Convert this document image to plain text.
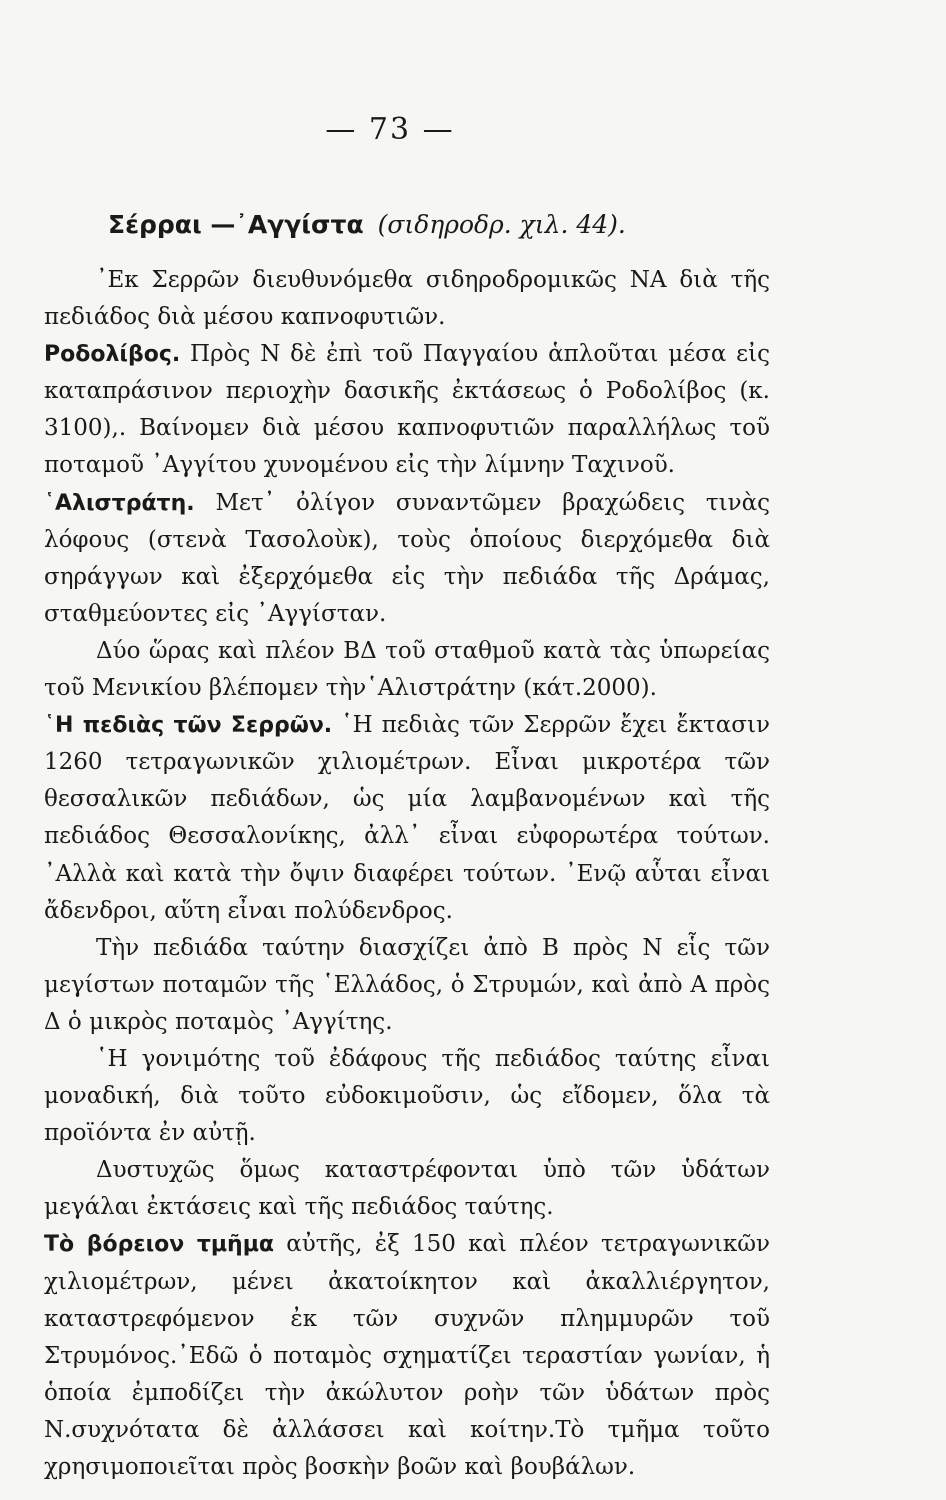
— 73 —
Σέρραι —᾽Αγγίστα (σιδηροδρ. χιλ. 44).

᾽Εκ Σερρῶν διευθυνόμεθα σιδηροδρομικῶς ΝΑ διὰ τῆς πεδιάδος διὰ μέσου καπνοφυτιῶν.

Ροδολίβος. Πρὸς Ν δὲ ἐπὶ τοῦ Παγγαίου ἁπλοῦται μέσα εἰς καταπράσινον περιοχὴν δασικῆς ἐκτάσεως ὁ Ροδολίβος (κ. 3100),. Βαίνομεν διὰ μέσου καπνοφυτιῶν παραλλήλως τοῦ ποταμοῦ ᾽Αγγίτου χυνομένου εἰς τὴν λίμνην Ταχινοῦ.

῾Αλιστράτη. Μετ᾽ ὀλίγον συναντῶμεν βραχώδεις τινὰς λόφους (στενὰ Τασολοὺκ), τοὺς ὁποίους διερχόμεθα διὰ σηράγγων καὶ ἐξερχόμεθα εἰς τὴν πεδιάδα τῆς Δράμας, σταθμεύοντες εἰς ᾽Αγγίσταν.

Δύο ὥρας καὶ πλέον ΒΔ τοῦ σταθμοῦ κατὰ τὰς ὑπωρείας τοῦ Μενικίου βλέπομεν τὴν῾Αλιστράτην (κάτ.2000).

῾Η πεδιὰς τῶν Σερρῶν. ῾Η πεδιὰς τῶν Σερρῶν ἔχει ἔκτασιν 1260 τετραγωνικῶν χιλιομέτρων. Εἶναι μικροτέρα τῶν θεσσαλικῶν πεδιάδων, ὡς μία λαμβανομένων καὶ τῆς πεδιάδος Θεσσαλονίκης, ἀλλ᾽ εἶναι εὐφορωτέρα τούτων. ᾽Αλλὰ καὶ κατὰ τὴν ὄψιν διαφέρει τούτων. ᾽Ενῷ αὗται εἶναι ἄδενδροι, αὕτη εἶναι πολύδενδρος.

Τὴν πεδιάδα ταύτην διασχίζει ἀπὸ Β πρὸς Ν εἷς τῶν μεγίστων ποταμῶν τῆς ῾Ελλάδος, ὁ Στρυμών, καὶ ἀπὸ Α πρὸς Δ ὁ μικρὸς ποταμὸς ᾽Αγγίτης.

῾Η γονιμότης τοῦ ἐδάφους τῆς πεδιάδος ταύτης εἶναι μοναδική, διὰ τοῦτο εὐδοκιμοῦσιν, ὡς εἴδομεν, ὅλα τὰ προϊόντα ἐν αὐτῇ.

Δυστυχῶς ὅμως καταστρέφονται ὑπὸ τῶν ὑδάτων μεγάλαι ἐκτάσεις καὶ τῆς πεδιάδος ταύτης.

Τὸ βόρειον τμῆμα αὐτῆς, ἐξ 150 καὶ πλέον τετραγωνικῶν χιλιομέτρων, μένει ἀκατοίκητον καὶ ἀκαλλιέργητον, καταστρεφόμενον ἐκ τῶν συχνῶν πλημμυρῶν τοῦ Στρυμόνος.᾽Εδῶ ὁ ποταμὸς σχηματίζει τεραστίαν γωνίαν, ἡ ὁποία ἐμποδίζει τὴν ἀκώλυτον ροὴν τῶν ὑδάτων πρὸς Ν.συχνότατα δὲ ἀλλάσσει καὶ κοίτην.Τὸ τμῆμα τοῦτο χρησιμοποιεῖται πρὸς βοσκὴν βοῶν καὶ βουβάλων.
